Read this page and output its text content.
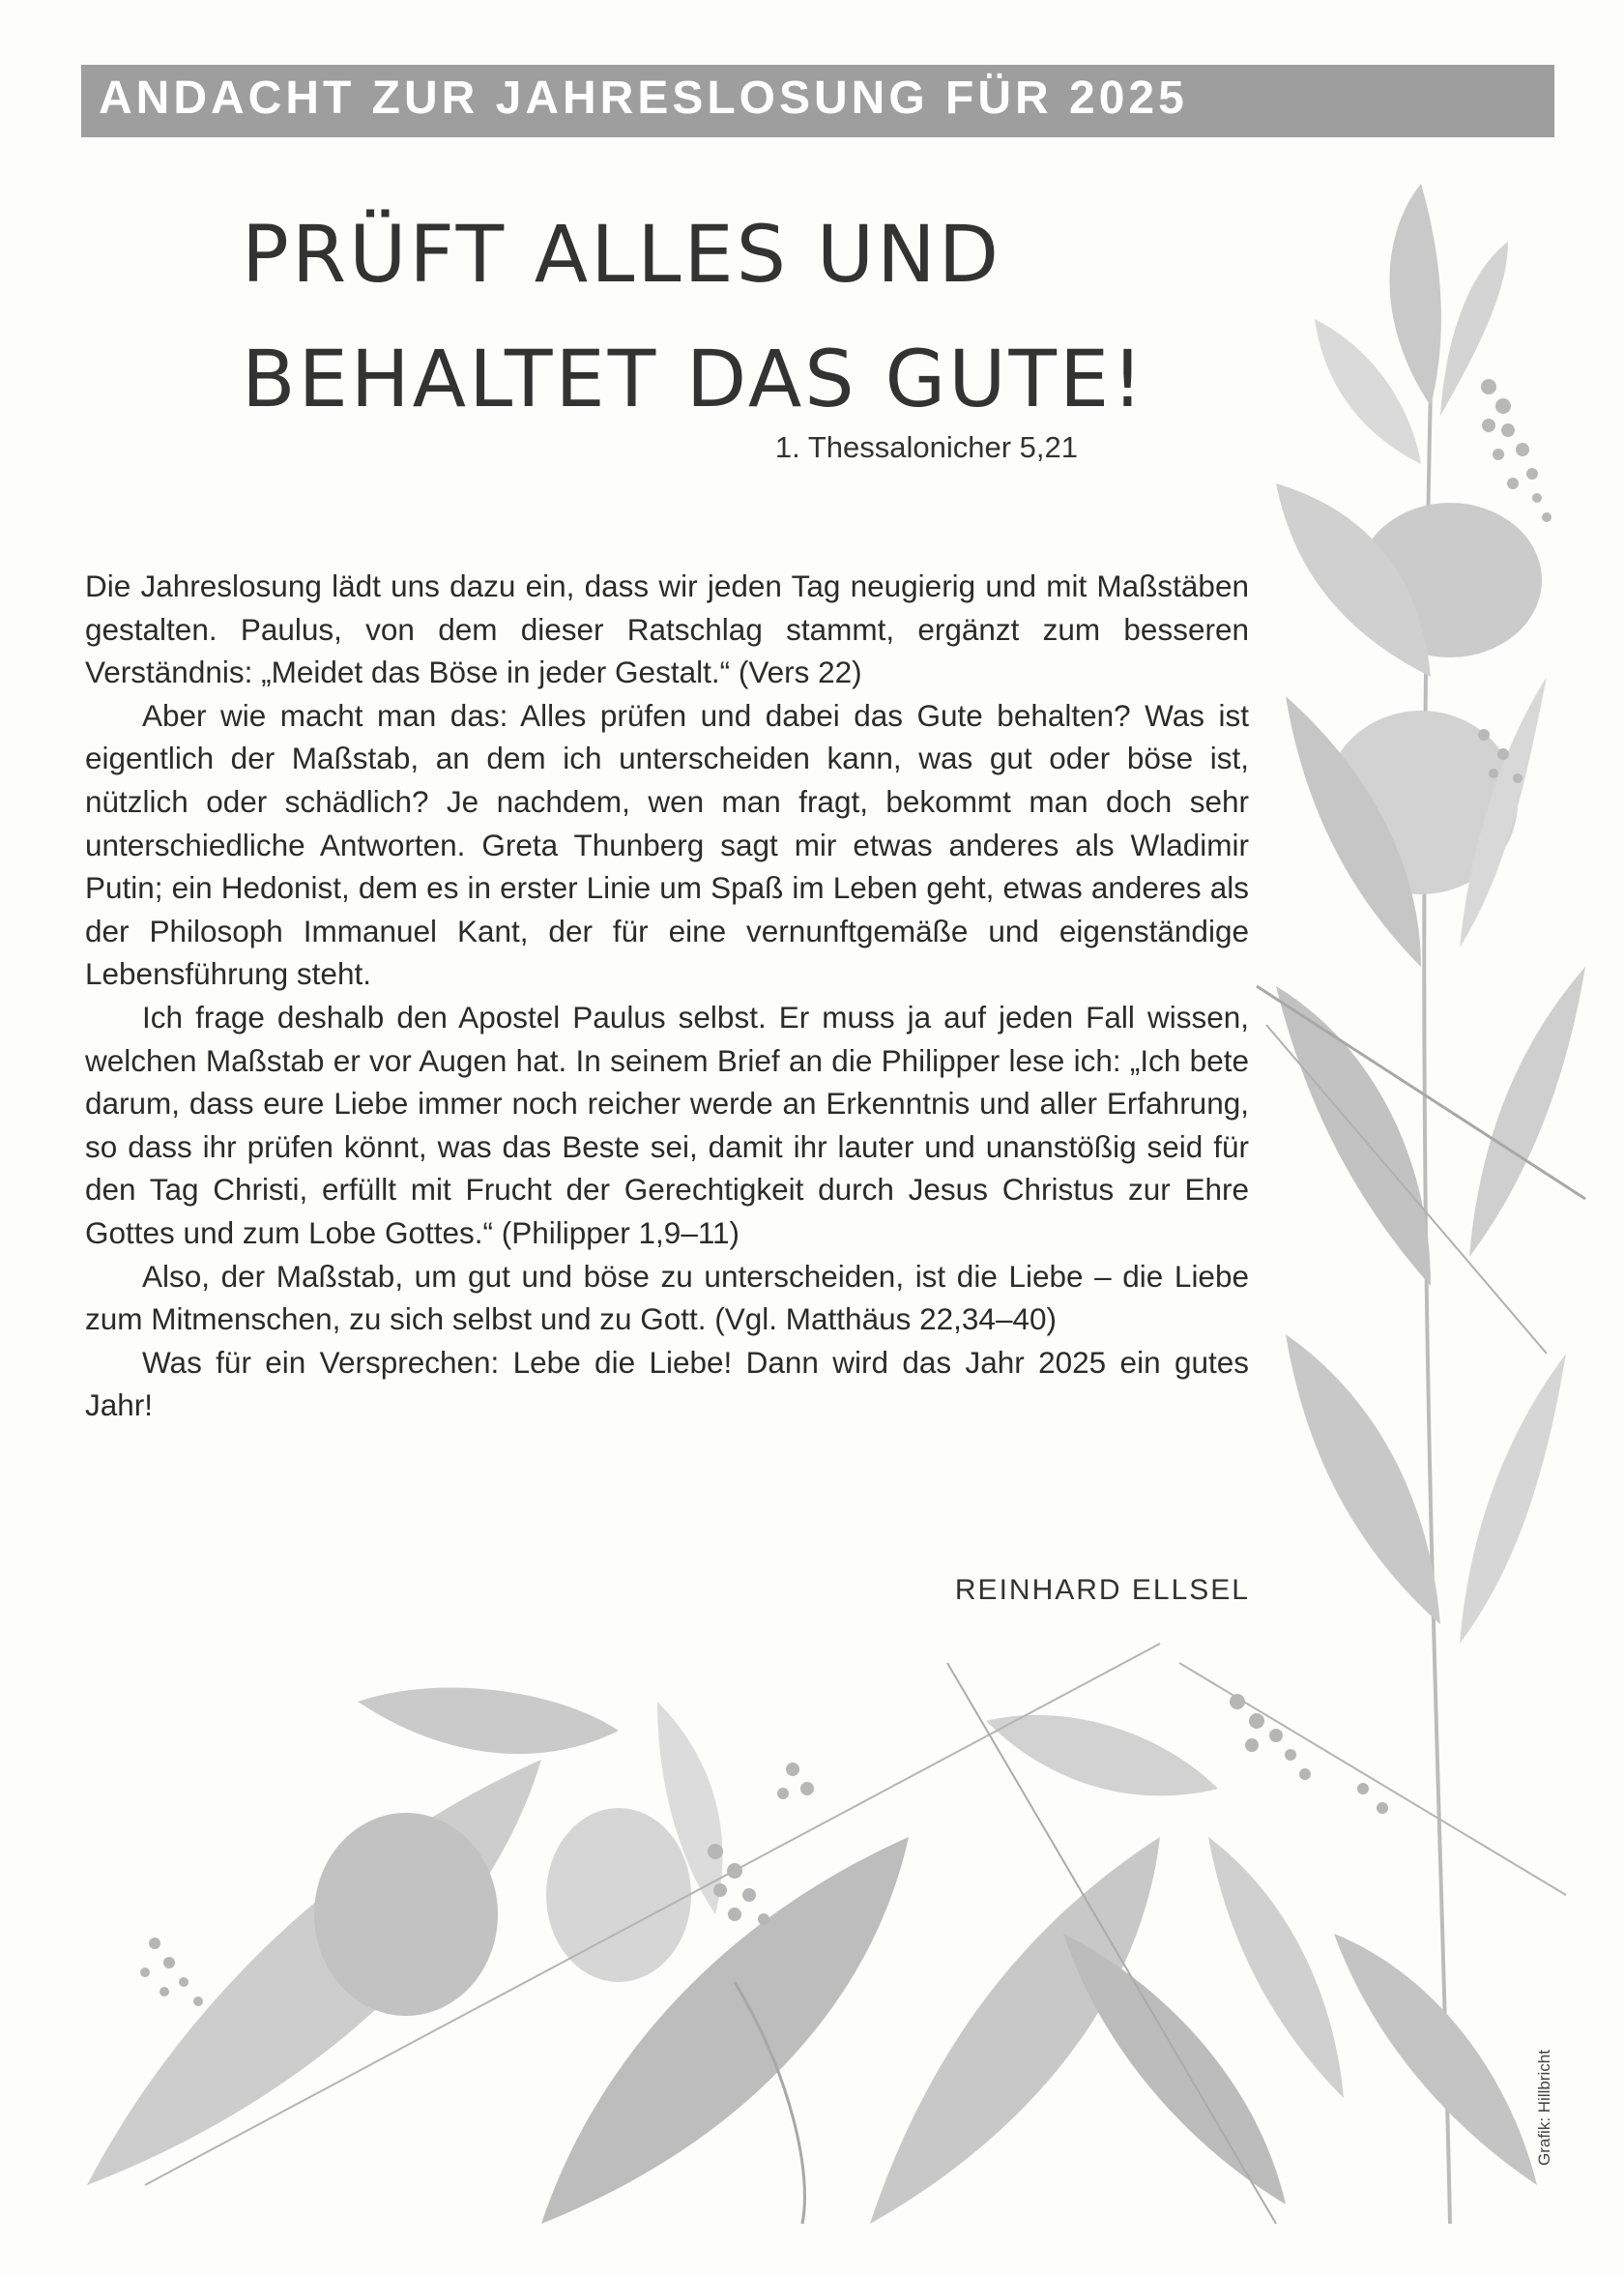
ANDACHT ZUR JAHRESLOSUNG FÜR 2025
PRÜFT ALLES UND
BEHALTET DAS GUTE!
1. Thessalonicher 5,21

Die Jahreslosung lädt uns dazu ein, dass wir jeden Tag neugierig und mit Maßstäben gestalten. Paulus, von dem dieser Ratschlag stammt, ergänzt zum besseren Verständnis: „Meidet das Böse in jeder Gestalt.“ (Vers 22)

Aber wie macht man das: Alles prüfen und dabei das Gute behalten? Was ist eigentlich der Maßstab, an dem ich unterscheiden kann, was gut oder böse ist, nützlich oder schädlich? Je nachdem, wen man fragt, bekommt man doch sehr unterschiedliche Antworten. Greta Thunberg sagt mir etwas anderes als Wladimir Putin; ein Hedonist, dem es in erster Linie um Spaß im Leben geht, etwas anderes als der Philosoph Immanuel Kant, der für eine vernunftgemäße und eigenständige Lebensführung steht.

Ich frage deshalb den Apostel Paulus selbst. Er muss ja auf jeden Fall wissen, welchen Maßstab er vor Augen hat. In seinem Brief an die Philipper lese ich: „Ich bete darum, dass eure Liebe immer noch reicher werde an Erkenntnis und aller Erfahrung, so dass ihr prüfen könnt, was das Beste sei, damit ihr lauter und unanstößig seid für den Tag Christi, erfüllt mit Frucht der Gerechtigkeit durch Jesus Christus zur Ehre Gottes und zum Lobe Gottes.“ (Philipper 1,9–11)

Also, der Maßstab, um gut und böse zu unterscheiden, ist die Liebe – die Liebe zum Mitmenschen, zu sich selbst und zu Gott. (Vgl. Matthäus 22,34–40)

Was für ein Versprechen: Lebe die Liebe! Dann wird das Jahr 2025 ein gutes Jahr!

REINHARD ELLSEL
Grafik: Hillbricht
